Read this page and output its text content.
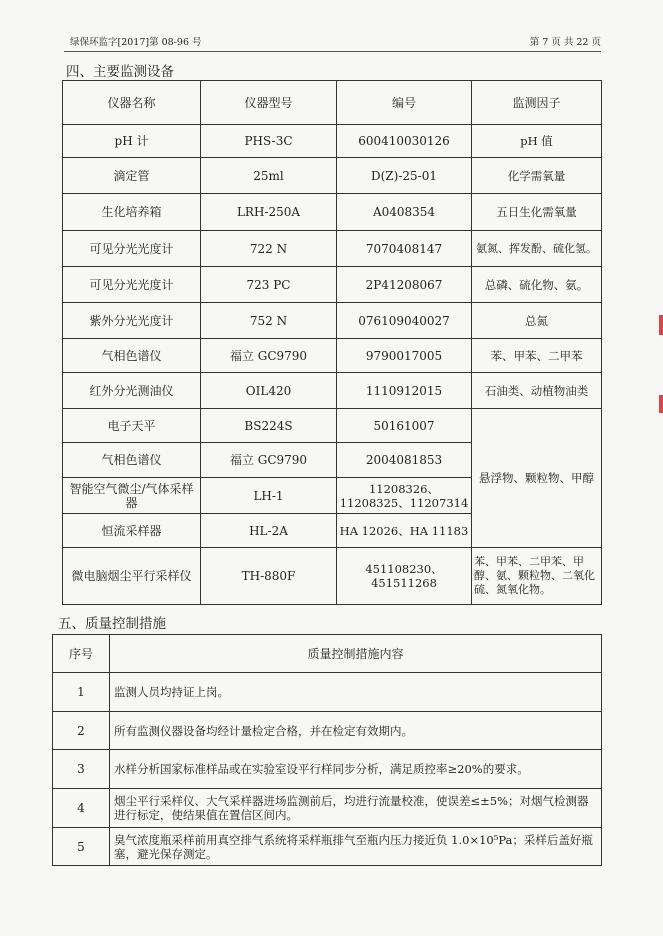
绿保环监字[2017]第 08-96 号	第 7 页 共 22 页
四、主要监测设备
仪器名称	仪器型号	编号	监测因子
pH 计	PHS-3C	600410030126	pH 值
滴定管	25ml	D(Z)-25-01	化学需氧量
生化培养箱	LRH-250A	A0408354	五日生化需氧量
可见分光光度计	722 N	7070408147	氨氮、挥发酚、硫化氢。
可见分光光度计	723 PC	2P41208067	总磷、硫化物、氨。
紫外分光光度计	752 N	076109040027	总氮
气相色谱仪	福立 GC9790	9790017005	苯、甲苯、二甲苯
红外分光测油仪	OIL420	1110912015	石油类、动植物油类
电子天平	BS224S	50161007	悬浮物、颗粒物、甲醇
气相色谱仪	福立 GC9790	2004081853	
智能空气微尘/气体采样器	LH-1	11208326、11208325、11207314	
恒流采样器	HL-2A	HA 12026、HA 11183	
微电脑烟尘平行采样仪	TH-880F	451108230、451511268	苯、甲苯、二甲苯、甲醇、氨、颗粒物、二氧化硫、氮氧化物。
五、质量控制措施
序号	质量控制措施内容
1	监测人员均持证上岗。
2	所有监测仪器设备均经计量检定合格，并在检定有效期内。
3	水样分析国家标准样品或在实验室设平行样同步分析，满足质控率≥20%的要求。
4	烟尘平行采样仪、大气采样器进场监测前后，均进行流量校准，使误差≤±5%；对烟气检测器进行标定，使结果值在置信区间内。
5	臭气浓度瓶采样前用真空排气系统将采样瓶排气至瓶内压力接近负 1.0×10⁵Pa；采样后盖好瓶塞，避光保存测定。
